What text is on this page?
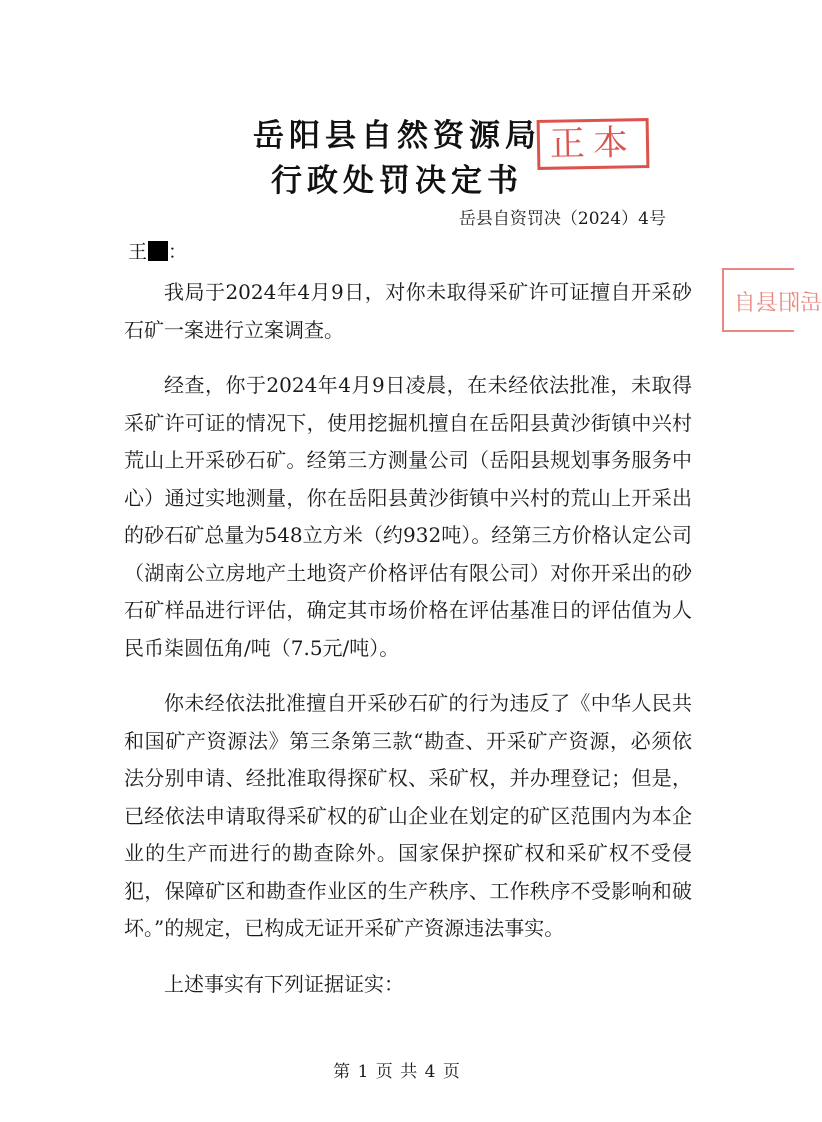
岳阳县自然资源局
行政处罚决定书
正本
岳阳县自
岳县自资罚决（2024）4号
王 ：

我局于2024年4月9日，对你未取得采矿许可证擅自开采砂石矿一案进行立案调查。

经查，你于2024年4月9日凌晨，在未经依法批准，未取得采矿许可证的情况下，使用挖掘机擅自在岳阳县黄沙街镇中兴村荒山上开采砂石矿。经第三方测量公司（岳阳县规划事务服务中心）通过实地测量，你在岳阳县黄沙街镇中兴村的荒山上开采出的砂石矿总量为548立方米（约932吨）。经第三方价格认定公司（湖南公立房地产土地资产价格评估有限公司）对你开采出的砂石矿样品进行评估，确定其市场价格在评估基准日的评估值为人民币柒圆伍角/吨（7.5元/吨）。

你未经依法批准擅自开采砂石矿的行为违反了《中华人民共和国矿产资源法》第三条第三款“勘查、开采矿产资源，必须依法分别申请、经批准取得探矿权、采矿权，并办理登记；但是，已经依法申请取得采矿权的矿山企业在划定的矿区范围内为本企业的生产而进行的勘查除外。国家保护探矿权和采矿权不受侵犯，保障矿区和勘查作业区的生产秩序、工作秩序不受影响和破坏。”的规定，已构成无证开采矿产资源违法事实。

上述事实有下列证据证实：

第 1 页 共 4 页
